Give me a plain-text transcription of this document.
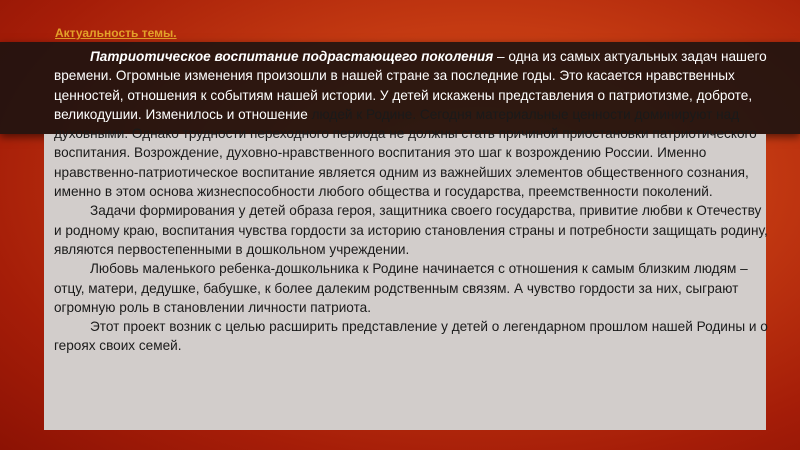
Актуальность темы.

Патриотическое воспитание подрастающего поколения – одна из самых актуальных задач нашего времени. Огромные изменения произошли в нашей стране за последние годы. Это касается нравственных ценностей, отношения к событиям нашей истории. У детей искажены представления о патриотизме, доброте, великодушии. Изменилось и отношение людей к Родине. Сегодня материальные ценности доминируют над духовными. Однако трудности переходного периода не должны стать причиной приостановки патриотического воспитания. Возрождение, духовно-нравственного воспитания это шаг к возрождению России. Именно нравственно-патриотическое воспитание является одним из важнейших элементов общественного сознания, именно в этом основа жизнеспособности любого общества и государства, преемственности поколений.

Задачи формирования у детей образа героя, защитника своего государства, привитие любви к Отечеству и родному краю, воспитания чувства гордости за историю становления страны и потребности защищать родину, являются первостепенными в дошкольном учреждении.

Любовь маленького ребенка-дошкольника к Родине начинается с отношения к самым близким людям – отцу, матери, дедушке, бабушке, к более далеким родственным связям. А чувство гордости за них, сыграют огромную роль в становлении личности патриота.

Этот проект возник с целью расширить представление у детей о легендарном прошлом нашей Родины и о героях своих семей.
